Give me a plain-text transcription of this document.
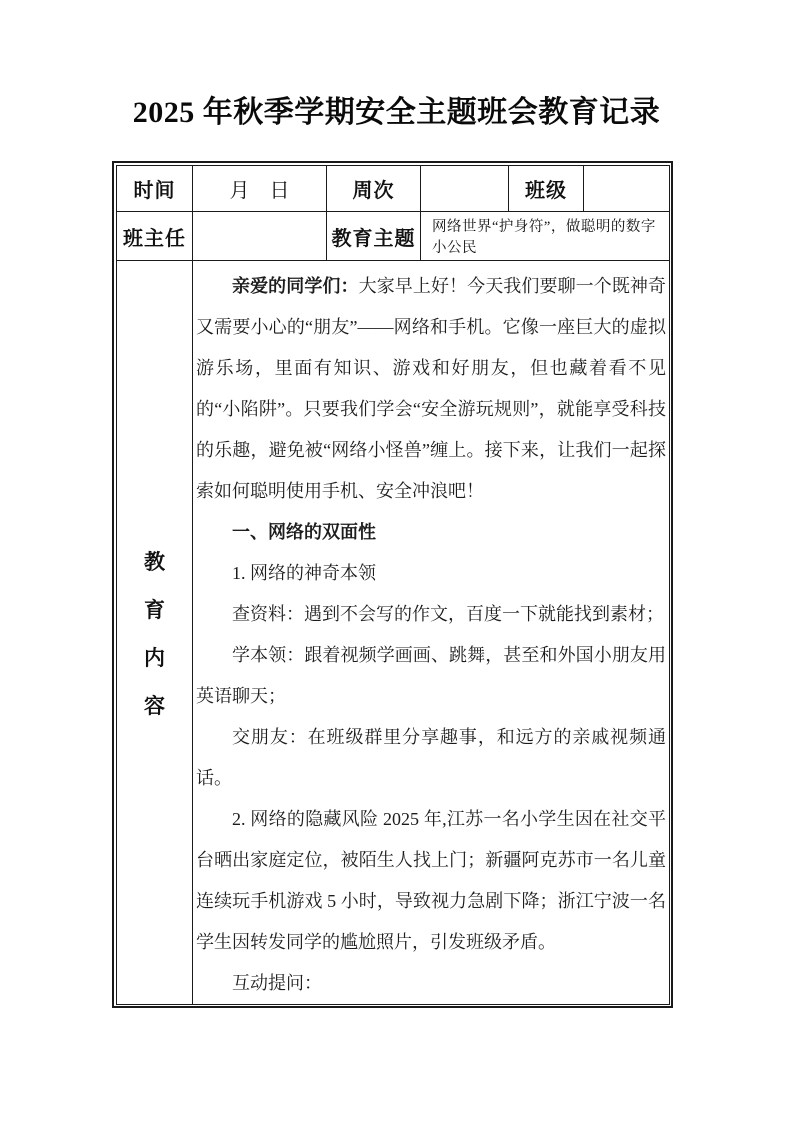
2025 年秋季学期安全主题班会教育记录
时间	月　日	周次		班级	
班主任		教育主题	网络世界“护身符”，做聪明的数字小公民		

教
育
内
容

亲爱的同学们：大家早上好！今天我们要聊一个既神奇又需要小心的“朋友”——网络和手机。它像一座巨大的虚拟游乐场，里面有知识、游戏和好朋友，但也藏着看不见的“小陷阱”。只要我们学会“安全游玩规则”，就能享受科技的乐趣，避免被“网络小怪兽”缠上。接下来，让我们一起探索如何聪明使用手机、安全冲浪吧！

一、网络的双面性

1. 网络的神奇本领

查资料：遇到不会写的作文，百度一下就能找到素材；

学本领：跟着视频学画画、跳舞，甚至和外国小朋友用英语聊天；

交朋友：在班级群里分享趣事，和远方的亲戚视频通话。

2. 网络的隐藏风险 2025 年,江苏一名小学生因在社交平台晒出家庭定位，被陌生人找上门；新疆阿克苏市一名儿童连续玩手机游戏 5 小时，导致视力急剧下降；浙江宁波一名学生因转发同学的尴尬照片，引发班级矛盾。

互动提问：
